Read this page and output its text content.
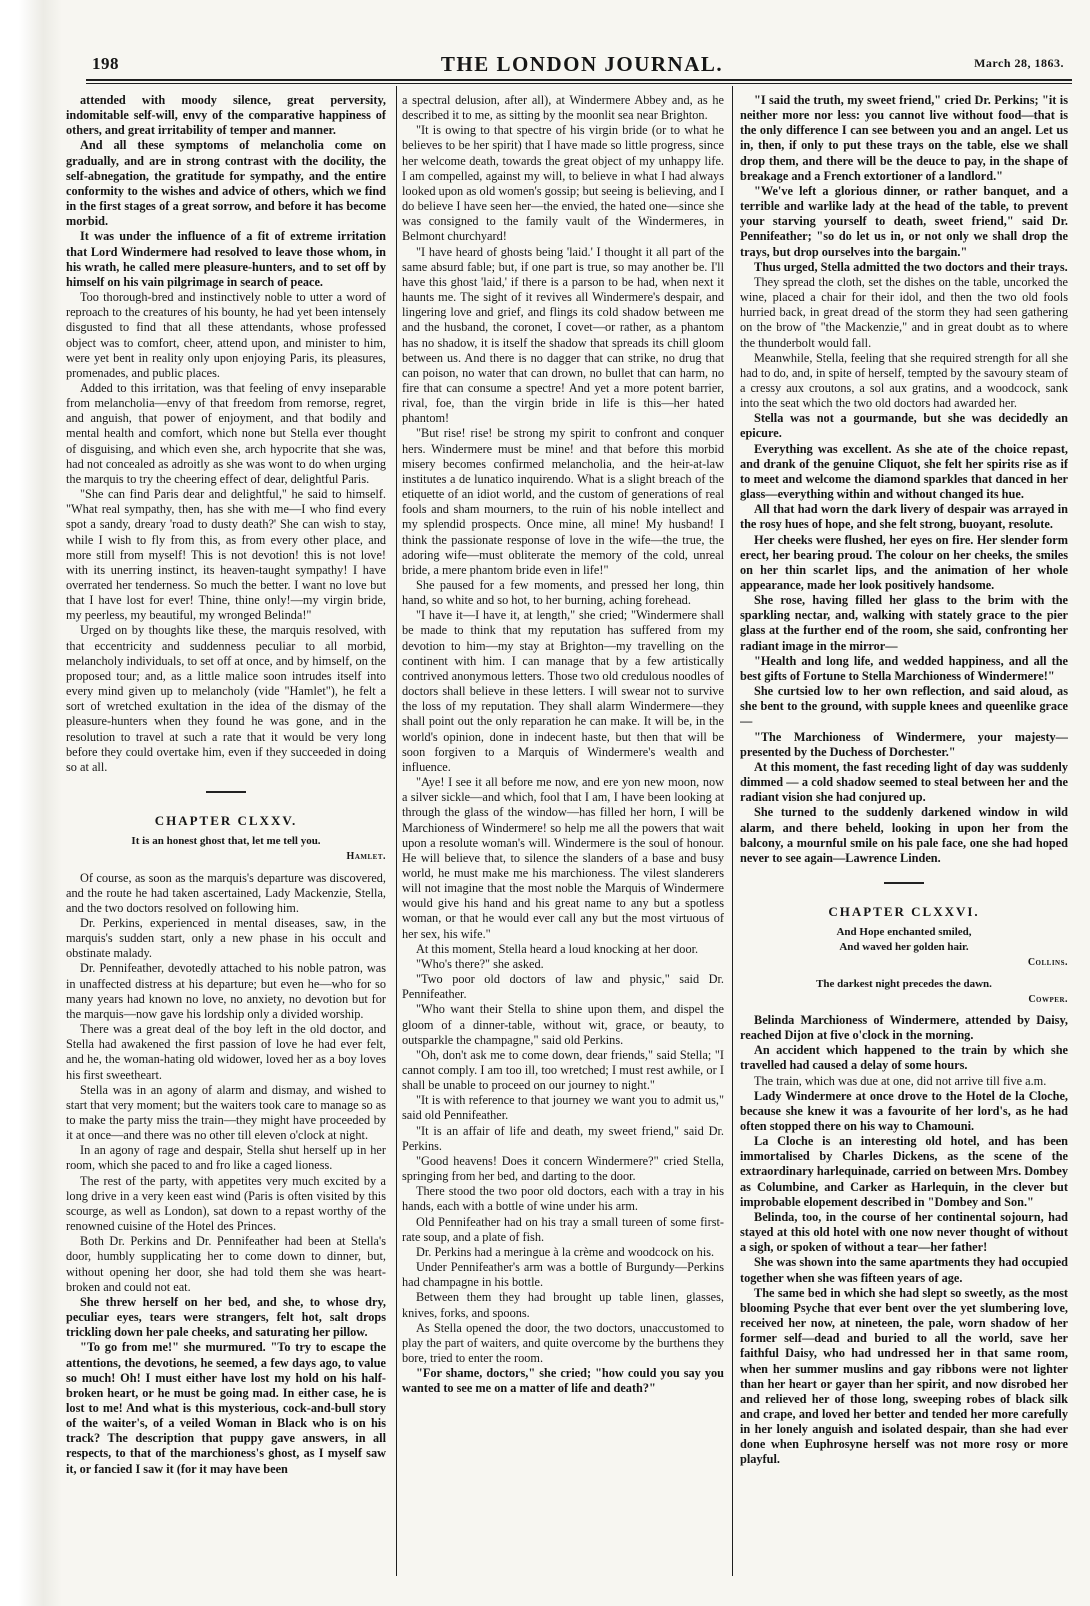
198	THE LONDON JOURNAL.	March 28, 1863.

attended with moody silence, great perversity, indomitable self-will, envy of the comparative happiness of others, and great irritability of temper and manner.

And all these symptoms of melancholia come on gradually, and are in strong contrast with the docility, the self-abnegation, the gratitude for sympathy, and the entire conformity to the wishes and advice of others, which we find in the first stages of a great sorrow, and before it has become morbid.

It was under the influence of a fit of extreme irritation that Lord Windermere had resolved to leave those whom, in his wrath, he called mere pleasure-hunters, and to set off by himself on his vain pilgrimage in search of peace.

Too thorough-bred and instinctively noble to utter a word of reproach to the creatures of his bounty, he had yet been intensely disgusted to find that all these attendants, whose professed object was to comfort, cheer, attend upon, and minister to him, were yet bent in reality only upon enjoying Paris, its pleasures, promenades, and public places.

Added to this irritation, was that feeling of envy inseparable from melancholia—envy of that freedom from remorse, regret, and anguish, that power of enjoyment, and that bodily and mental health and comfort, which none but Stella ever thought of disguising, and which even she, arch hypocrite that she was, had not concealed as adroitly as she was wont to do when urging the marquis to try the cheering effect of dear, delightful Paris.

"She can find Paris dear and delightful," he said to himself. "What real sympathy, then, has she with me—I who find every spot a sandy, dreary 'road to dusty death?' She can wish to stay, while I wish to fly from this, as from every other place, and more still from myself! This is not devotion! this is not love! with its unerring instinct, its heaven-taught sympathy! I have overrated her tenderness. So much the better. I want no love but that I have lost for ever! Thine, thine only!—my virgin bride, my peerless, my beautiful, my wronged Belinda!"

Urged on by thoughts like these, the marquis resolved, with that eccentricity and suddenness peculiar to all morbid, melancholy individuals, to set off at once, and by himself, on the proposed tour; and, as a little malice soon intrudes itself into every mind given up to melancholy (vide "Hamlet"), he felt a sort of wretched exultation in the idea of the dismay of the pleasure-hunters when they found he was gone, and in the resolution to travel at such a rate that it would be very long before they could overtake him, even if they succeeded in doing so at all.

CHAPTER CLXXV.
It is an honest ghost that, let me tell you.
Hamlet.

Of course, as soon as the marquis's departure was discovered, and the route he had taken ascertained, Lady Mackenzie, Stella, and the two doctors resolved on following him.

Dr. Perkins, experienced in mental diseases, saw, in the marquis's sudden start, only a new phase in his occult and obstinate malady.

Dr. Pennifeather, devotedly attached to his noble patron, was in unaffected distress at his departure; but even he—who for so many years had known no love, no anxiety, no devotion but for the marquis—now gave his lordship only a divided worship.

There was a great deal of the boy left in the old doctor, and Stella had awakened the first passion of love he had ever felt, and he, the woman-hating old widower, loved her as a boy loves his first sweetheart.

Stella was in an agony of alarm and dismay, and wished to start that very moment; but the waiters took care to manage so as to make the party miss the train—they might have proceeded by it at once—and there was no other till eleven o'clock at night.

In an agony of rage and despair, Stella shut herself up in her room, which she paced to and fro like a caged lioness.

The rest of the party, with appetites very much excited by a long drive in a very keen east wind (Paris is often visited by this scourge, as well as London), sat down to a repast worthy of the renowned cuisine of the Hotel des Princes.

Both Dr. Perkins and Dr. Pennifeather had been at Stella's door, humbly supplicating her to come down to dinner, but, without opening her door, she had told them she was heart-broken and could not eat.

She threw herself on her bed, and she, to whose dry, peculiar eyes, tears were strangers, felt hot, salt drops trickling down her pale cheeks, and saturating her pillow.

"To go from me!" she murmured. "To try to escape the attentions, the devotions, he seemed, a few days ago, to value so much! Oh! I must either have lost my hold on his half-broken heart, or he must be going mad. In either case, he is lost to me! And what is this mysterious, cock-and-bull story of the waiter's, of a veiled Woman in Black who is on his track? The description that puppy gave answers, in all respects, to that of the marchioness's ghost, as I myself saw it, or fancied I saw it (for it may have been

a spectral delusion, after all), at Windermere Abbey and, as he described it to me, as sitting by the moonlit sea near Brighton.

"It is owing to that spectre of his virgin bride (or to what he believes to be her spirit) that I have made so little progress, since her welcome death, towards the great object of my unhappy life. I am compelled, against my will, to believe in what I had always looked upon as old women's gossip; but seeing is believing, and I do believe I have seen her—the envied, the hated one—since she was consigned to the family vault of the Windermeres, in Belmont churchyard!

"I have heard of ghosts being 'laid.' I thought it all part of the same absurd fable; but, if one part is true, so may another be. I'll have this ghost 'laid,' if there is a parson to be had, when next it haunts me. The sight of it revives all Windermere's despair, and lingering love and grief, and flings its cold shadow between me and the husband, the coronet, I covet—or rather, as a phantom has no shadow, it is itself the shadow that spreads its chill gloom between us. And there is no dagger that can strike, no drug that can poison, no water that can drown, no bullet that can harm, no fire that can consume a spectre! And yet a more potent barrier, rival, foe, than the virgin bride in life is this—her hated phantom!

"But rise! rise! be strong my spirit to confront and conquer hers. Windermere must be mine! and that before this morbid misery becomes confirmed melancholia, and the heir-at-law institutes a de lunatico inquirendo. What is a slight breach of the etiquette of an idiot world, and the custom of generations of real fools and sham mourners, to the ruin of his noble intellect and my splendid prospects. Once mine, all mine! My husband! I think the passionate response of love in the wife—the true, the adoring wife—must obliterate the memory of the cold, unreal bride, a mere phantom bride even in life!"

She paused for a few moments, and pressed her long, thin hand, so white and so hot, to her burning, aching forehead.

"I have it—I have it, at length," she cried; "Windermere shall be made to think that my reputation has suffered from my devotion to him—my stay at Brighton—my travelling on the continent with him. I can manage that by a few artistically contrived anonymous letters. Those two old credulous noodles of doctors shall believe in these letters. I will swear not to survive the loss of my reputation. They shall alarm Windermere—they shall point out the only reparation he can make. It will be, in the world's opinion, done in indecent haste, but then that will be soon forgiven to a Marquis of Windermere's wealth and influence.

"Aye! I see it all before me now, and ere yon new moon, now a silver sickle—and which, fool that I am, I have been looking at through the glass of the window—has filled her horn, I will be Marchioness of Windermere! so help me all the powers that wait upon a resolute woman's will. Windermere is the soul of honour. He will believe that, to silence the slanders of a base and busy world, he must make me his marchioness. The vilest slanderers will not imagine that the most noble the Marquis of Windermere would give his hand and his great name to any but a spotless woman, or that he would ever call any but the most virtuous of her sex, his wife."

At this moment, Stella heard a loud knocking at her door.

"Who's there?" she asked.

"Two poor old doctors of law and physic," said Dr. Pennifeather.

"Who want their Stella to shine upon them, and dispel the gloom of a dinner-table, without wit, grace, or beauty, to outsparkle the champagne," said old Perkins.

"Oh, don't ask me to come down, dear friends," said Stella; "I cannot comply. I am too ill, too wretched; I must rest awhile, or I shall be unable to proceed on our journey to night."

"It is with reference to that journey we want you to admit us," said old Pennifeather.

"It is an affair of life and death, my sweet friend," said Dr. Perkins.

"Good heavens! Does it concern Windermere?" cried Stella, springing from her bed, and darting to the door.

There stood the two poor old doctors, each with a tray in his hands, each with a bottle of wine under his arm.

Old Pennifeather had on his tray a small tureen of some first-rate soup, and a plate of fish.

Dr. Perkins had a meringue à la crème and woodcock on his.

Under Pennifeather's arm was a bottle of Burgundy—Perkins had champagne in his bottle.

Between them they had brought up table linen, glasses, knives, forks, and spoons.

As Stella opened the door, the two doctors, unaccustomed to play the part of waiters, and quite overcome by the burthens they bore, tried to enter the room.

"For shame, doctors," she cried; "how could you say you wanted to see me on a matter of life and death?"

"I said the truth, my sweet friend," cried Dr. Perkins; "it is neither more nor less: you cannot live without food—that is the only difference I can see between you and an angel. Let us in, then, if only to put these trays on the table, else we shall drop them, and there will be the deuce to pay, in the shape of breakage and a French extortioner of a landlord."

"We've left a glorious dinner, or rather banquet, and a terrible and warlike lady at the head of the table, to prevent your starving yourself to death, sweet friend," said Dr. Pennifeather; "so do let us in, or not only we shall drop the trays, but drop ourselves into the bargain."

Thus urged, Stella admitted the two doctors and their trays.

They spread the cloth, set the dishes on the table, uncorked the wine, placed a chair for their idol, and then the two old fools hurried back, in great dread of the storm they had seen gathering on the brow of "the Mackenzie," and in great doubt as to where the thunderbolt would fall.

Meanwhile, Stella, feeling that she required strength for all she had to do, and, in spite of herself, tempted by the savoury steam of a cressy aux croutons, a sol aux gratins, and a woodcock, sank into the seat which the two old doctors had awarded her.

Stella was not a gourmande, but she was decidedly an epicure.

Everything was excellent. As she ate of the choice repast, and drank of the genuine Cliquot, she felt her spirits rise as if to meet and welcome the diamond sparkles that danced in her glass—everything within and without changed its hue.

All that had worn the dark livery of despair was arrayed in the rosy hues of hope, and she felt strong, buoyant, resolute.

Her cheeks were flushed, her eyes on fire. Her slender form erect, her bearing proud. The colour on her cheeks, the smiles on her thin scarlet lips, and the animation of her whole appearance, made her look positively handsome.

She rose, having filled her glass to the brim with the sparkling nectar, and, walking with stately grace to the pier glass at the further end of the room, she said, confronting her radiant image in the mirror—

"Health and long life, and wedded happiness, and all the best gifts of Fortune to Stella Marchioness of Windermere!"

She curtsied low to her own reflection, and said aloud, as she bent to the ground, with supple knees and queenlike grace—

"The Marchioness of Windermere, your majesty—presented by the Duchess of Dorchester."

At this moment, the fast receding light of day was suddenly dimmed — a cold shadow seemed to steal between her and the radiant vision she had conjured up.

She turned to the suddenly darkened window in wild alarm, and there beheld, looking in upon her from the balcony, a mournful smile on his pale face, one she had hoped never to see again—Lawrence Linden.

CHAPTER CLXXVI.
And Hope enchanted smiled,
And waved her golden hair.
Collins.
The darkest night precedes the dawn.
Cowper.

Belinda Marchioness of Windermere, attended by Daisy, reached Dijon at five o'clock in the morning.

An accident which happened to the train by which she travelled had caused a delay of some hours.

The train, which was due at one, did not arrive till five a.m.

Lady Windermere at once drove to the Hotel de la Cloche, because she knew it was a favourite of her lord's, as he had often stopped there on his way to Chamouni.

La Cloche is an interesting old hotel, and has been immortalised by Charles Dickens, as the scene of the extraordinary harlequinade, carried on between Mrs. Dombey as Columbine, and Carker as Harlequin, in the clever but improbable elopement described in "Dombey and Son."

Belinda, too, in the course of her continental sojourn, had stayed at this old hotel with one now never thought of without a sigh, or spoken of without a tear—her father!

She was shown into the same apartments they had occupied together when she was fifteen years of age.

The same bed in which she had slept so sweetly, as the most blooming Psyche that ever bent over the yet slumbering love, received her now, at nineteen, the pale, worn shadow of her former self—dead and buried to all the world, save her faithful Daisy, who had undressed her in that same room, when her summer muslins and gay ribbons were not lighter than her heart or gayer than her spirit, and now disrobed her and relieved her of those long, sweeping robes of black silk and crape, and loved her better and tended her more carefully in her lonely anguish and isolated despair, than she had ever done when Euphrosyne herself was not more rosy or more playful.
